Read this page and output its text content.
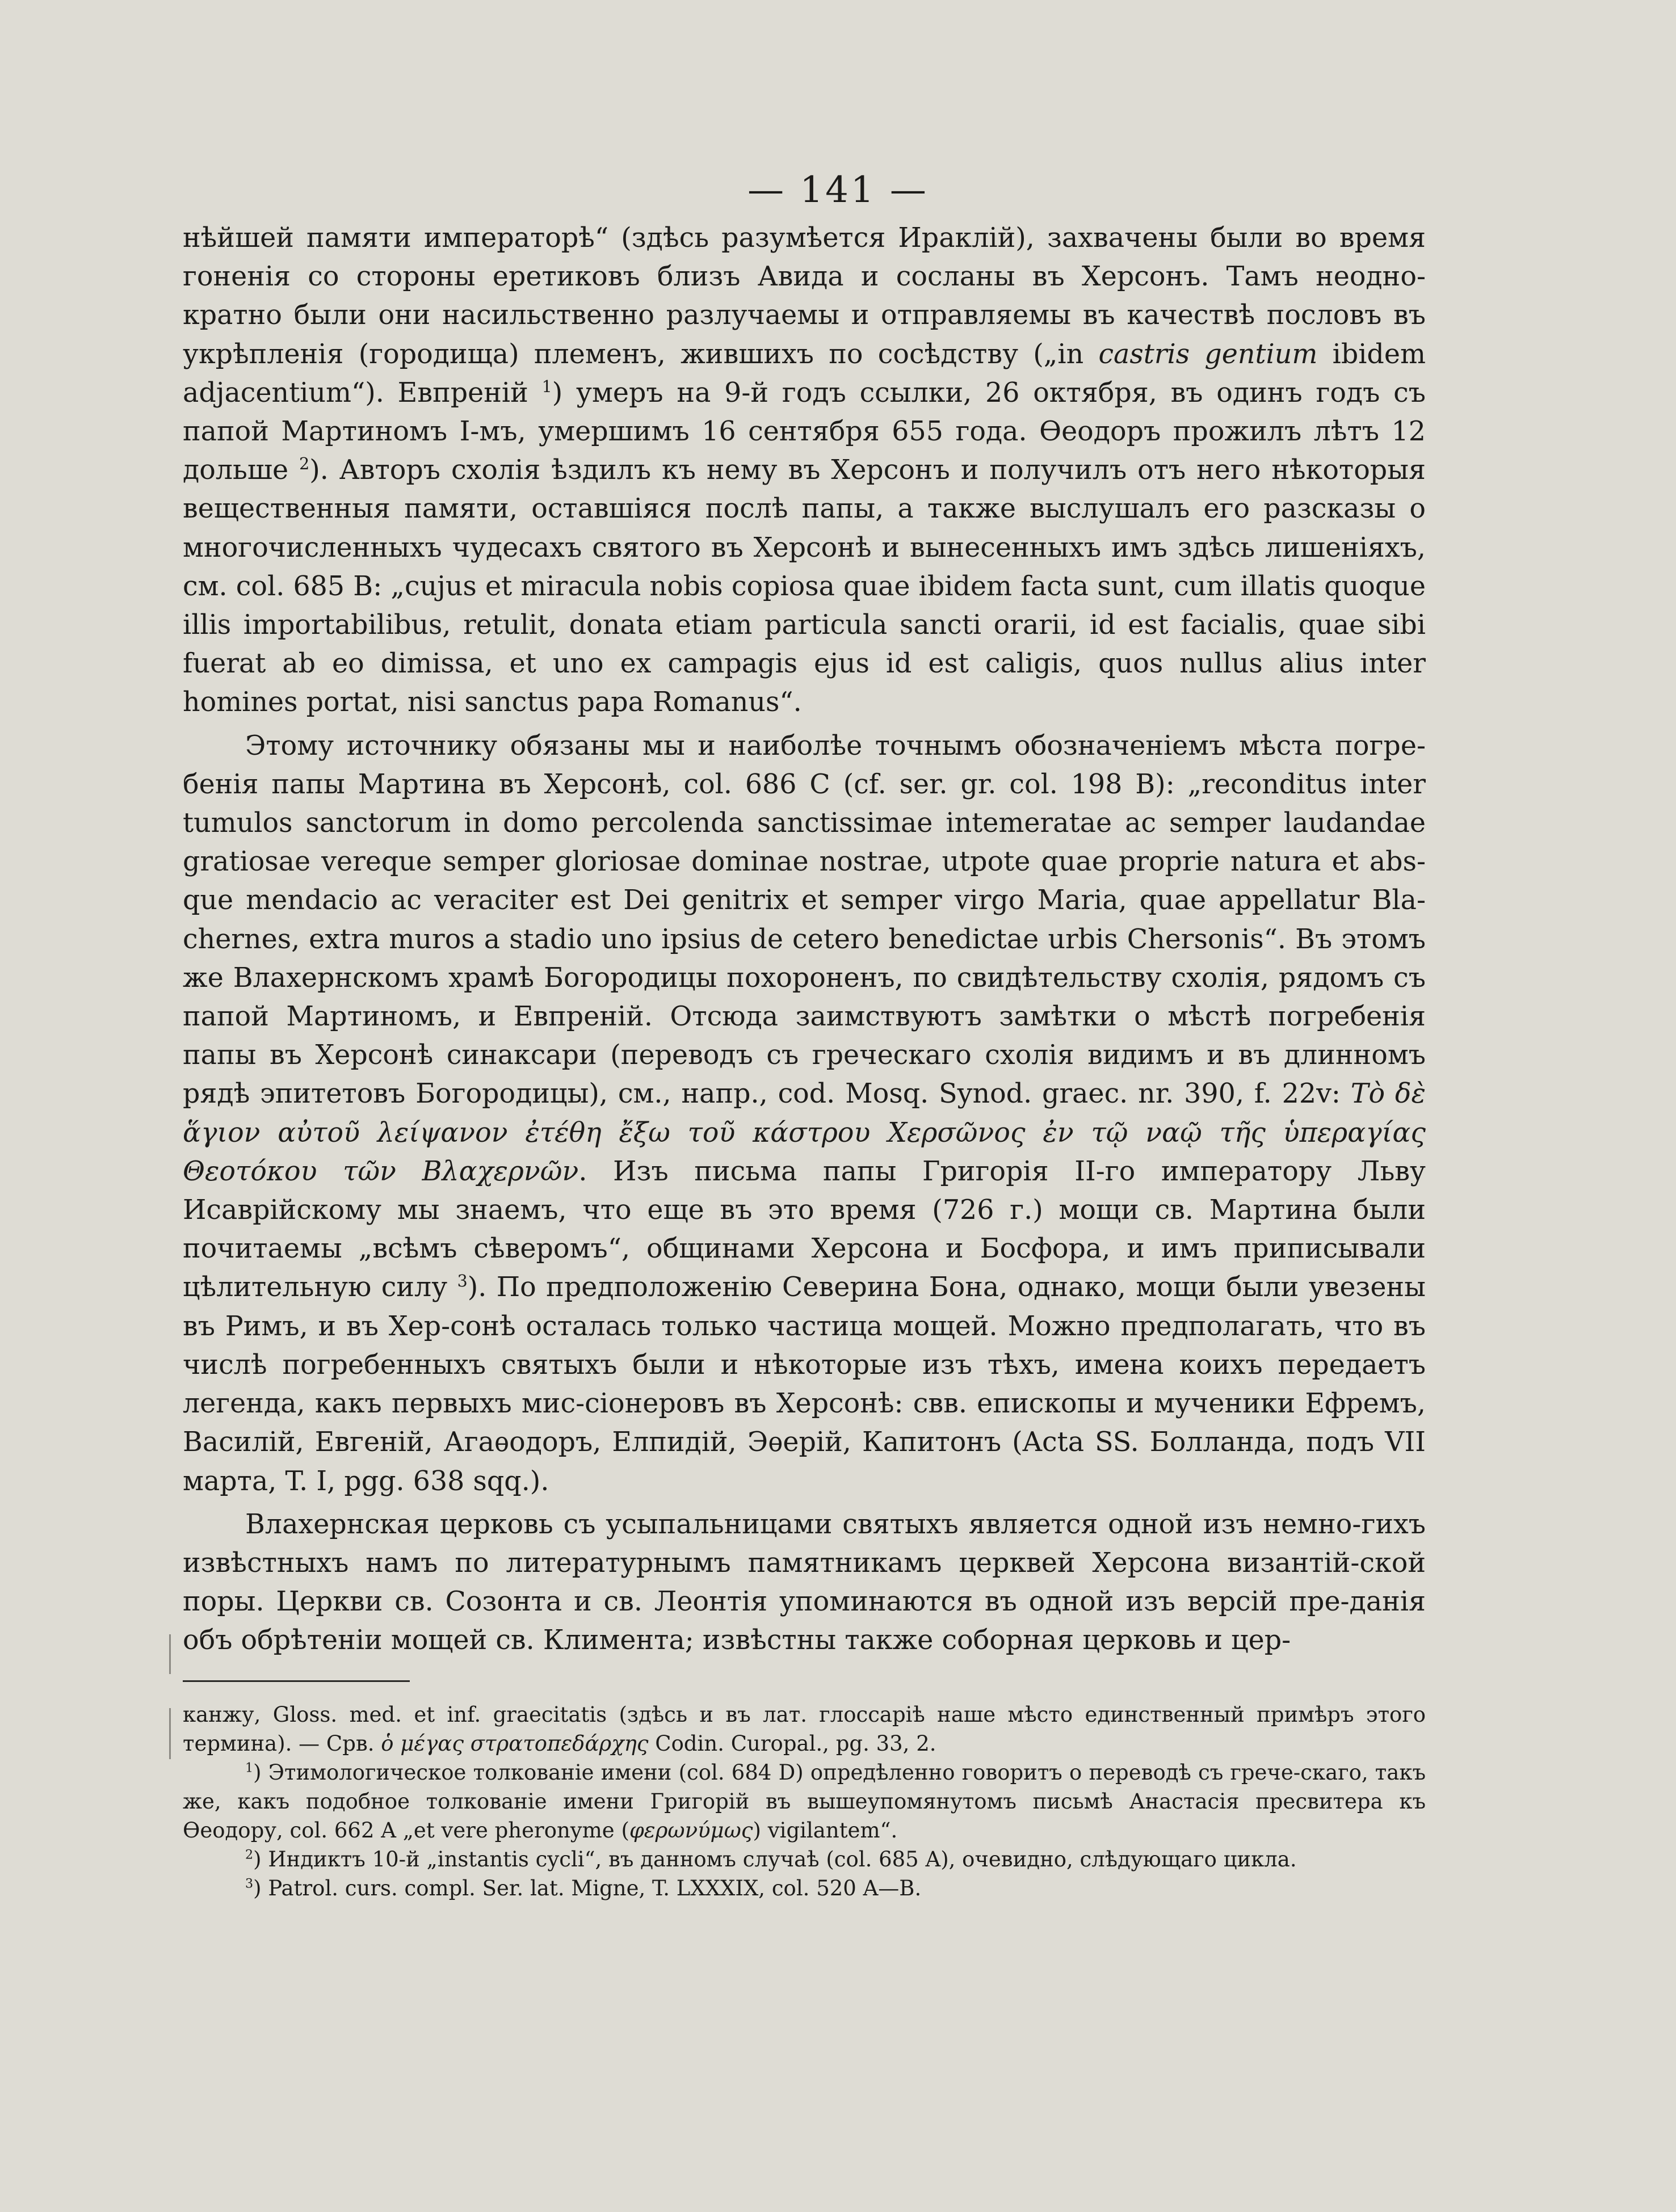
— 141 —

нѣйшей памяти императорѣ“ (здѣсь разумѣется Ираклій), захвачены были во время гоненія со стороны еретиковъ близъ Авида и сосланы въ Херсонъ. Тамъ неодно-кратно были они насильственно разлучаемы и отправляемы въ качествѣ пословъ въ укрѣпленія (городища) племенъ, жившихъ по сосѣдству („in castris gentium ibidem adjacentium“). Евпреній $^1$) умеръ на 9-й годъ ссылки, 26 октября, въ одинъ годъ съ папой Мартиномъ I-мъ, умершимъ 16 сентября 655 года. Ѳеодоръ прожилъ лѣтъ 12 дольше $^2$). Авторъ схолія ѣздилъ къ нему въ Херсонъ и получилъ отъ него нѣкоторыя вещественныя памяти, оставшіяся послѣ папы, а также выслушалъ его разсказы о многочисленныхъ чудесахъ святого въ Херсонѣ и вынесенныхъ имъ здѣсь лишеніяхъ, см. col. 685 B: „cujus et miracula nobis copiosa quae ibidem facta sunt, cum illatis quoque illis importabilibus, retulit, donata etiam particula sancti orarii, id est facialis, quae sibi fuerat ab eo dimissa, et uno ex campagis ejus id est caligis, quos nullus alius inter homines portat, nisi sanctus papa Romanus“.

Этому источнику обязаны мы и наиболѣе точнымъ обозначеніемъ мѣста погре-бенія папы Мартина въ Херсонѣ, col. 686 C (cf. ser. gr. col. 198 B): „reconditus inter tumulos sanctorum in domo percolenda sanctissimae intemeratae ac semper laudandae gratiosae vereque semper gloriosae dominae nostrae, utpote quae proprie natura et abs-que mendacio ac veraciter est Dei genitrix et semper virgo Maria, quae appellatur Bla-chernes, extra muros a stadio uno ipsius de cetero benedictae urbis Chersonis“. Въ этомъ же Влахернскомъ храмѣ Богородицы похороненъ, по свидѣтельству схолія, рядомъ съ папой Мартиномъ, и Евпреній. Отсюда заимствуютъ замѣтки о мѣстѣ погребенія папы въ Херсонѣ синаксари (переводъ съ греческаго схолія видимъ и въ длинномъ рядѣ эпитетовъ Богородицы), см., напр., cod. Mosq. Synod. graec. nr. 390, f. 22v: Τὸ δὲ ἅγιον αὐτοῦ λείψανον ἐτέθη ἔξω τοῦ κάστρου Χερσῶνος ἐν τῷ ναῷ τῆς ὑπεραγίας Θεοτόκου τῶν Βλαχερνῶν. Изъ письма папы Григорія II-го императору Льву Исаврійскому мы знаемъ, что еще въ это время (726 г.) мощи св. Мартина были почитаемы „всѣмъ сѣверомъ“, общинами Херсона и Босфора, и имъ приписывали цѣлительную силу $^3$). По предположенію Северина Бона, однако, мощи были увезены въ Римъ, и въ Хер-сонѣ осталась только частица мощей. Можно предполагать, что въ числѣ погребенныхъ святыхъ были и нѣкоторые изъ тѣхъ, имена коихъ передаетъ легенда, какъ первыхъ мис-сіонеровъ въ Херсонѣ: свв. епископы и мученики Ефремъ, Василій, Евгеній, Агаѳодоръ, Елпидій, Эѳерій, Капитонъ (Acta SS. Болланда, подъ VII марта, T. I, pgg. 638 sqq.).

Влахернская церковь съ усыпальницами святыхъ является одной изъ немно-гихъ извѣстныхъ намъ по литературнымъ памятникамъ церквей Херсона византій-ской поры. Церкви св. Созонта и св. Леонтія упоминаются въ одной изъ версій пре-данія объ обрѣтеніи мощей св. Климента; извѣстны также соборная церковь и цер-

канжу, Gloss. med. et inf. graecitatis (здѣсь и въ лат. глоссаріѣ наше мѣсто единственный примѣръ этого термина). — Срв. ὁ μέγας στρατοπεδάρχης Codin. Curopal., pg. 33, 2.

$^1$) Этимологическое толкованіе имени (col. 684 D) опредѣленно говоритъ о переводѣ съ грече-скаго, такъ же, какъ подобное толкованіе имени Григорій въ вышеупомянутомъ письмѣ Анастасія пресвитера къ Ѳеодору, col. 662 A „et vere pheronyme (φερωνύμως) vigilantem“.

$^2$) Индиктъ 10-й „instantis cycli“, въ данномъ случаѣ (col. 685 A), очевидно, слѣдующаго цикла.

$^3$) Patrol. curs. compl. Ser. lat. Migne, T. LXXXIX, col. 520 A—B.
